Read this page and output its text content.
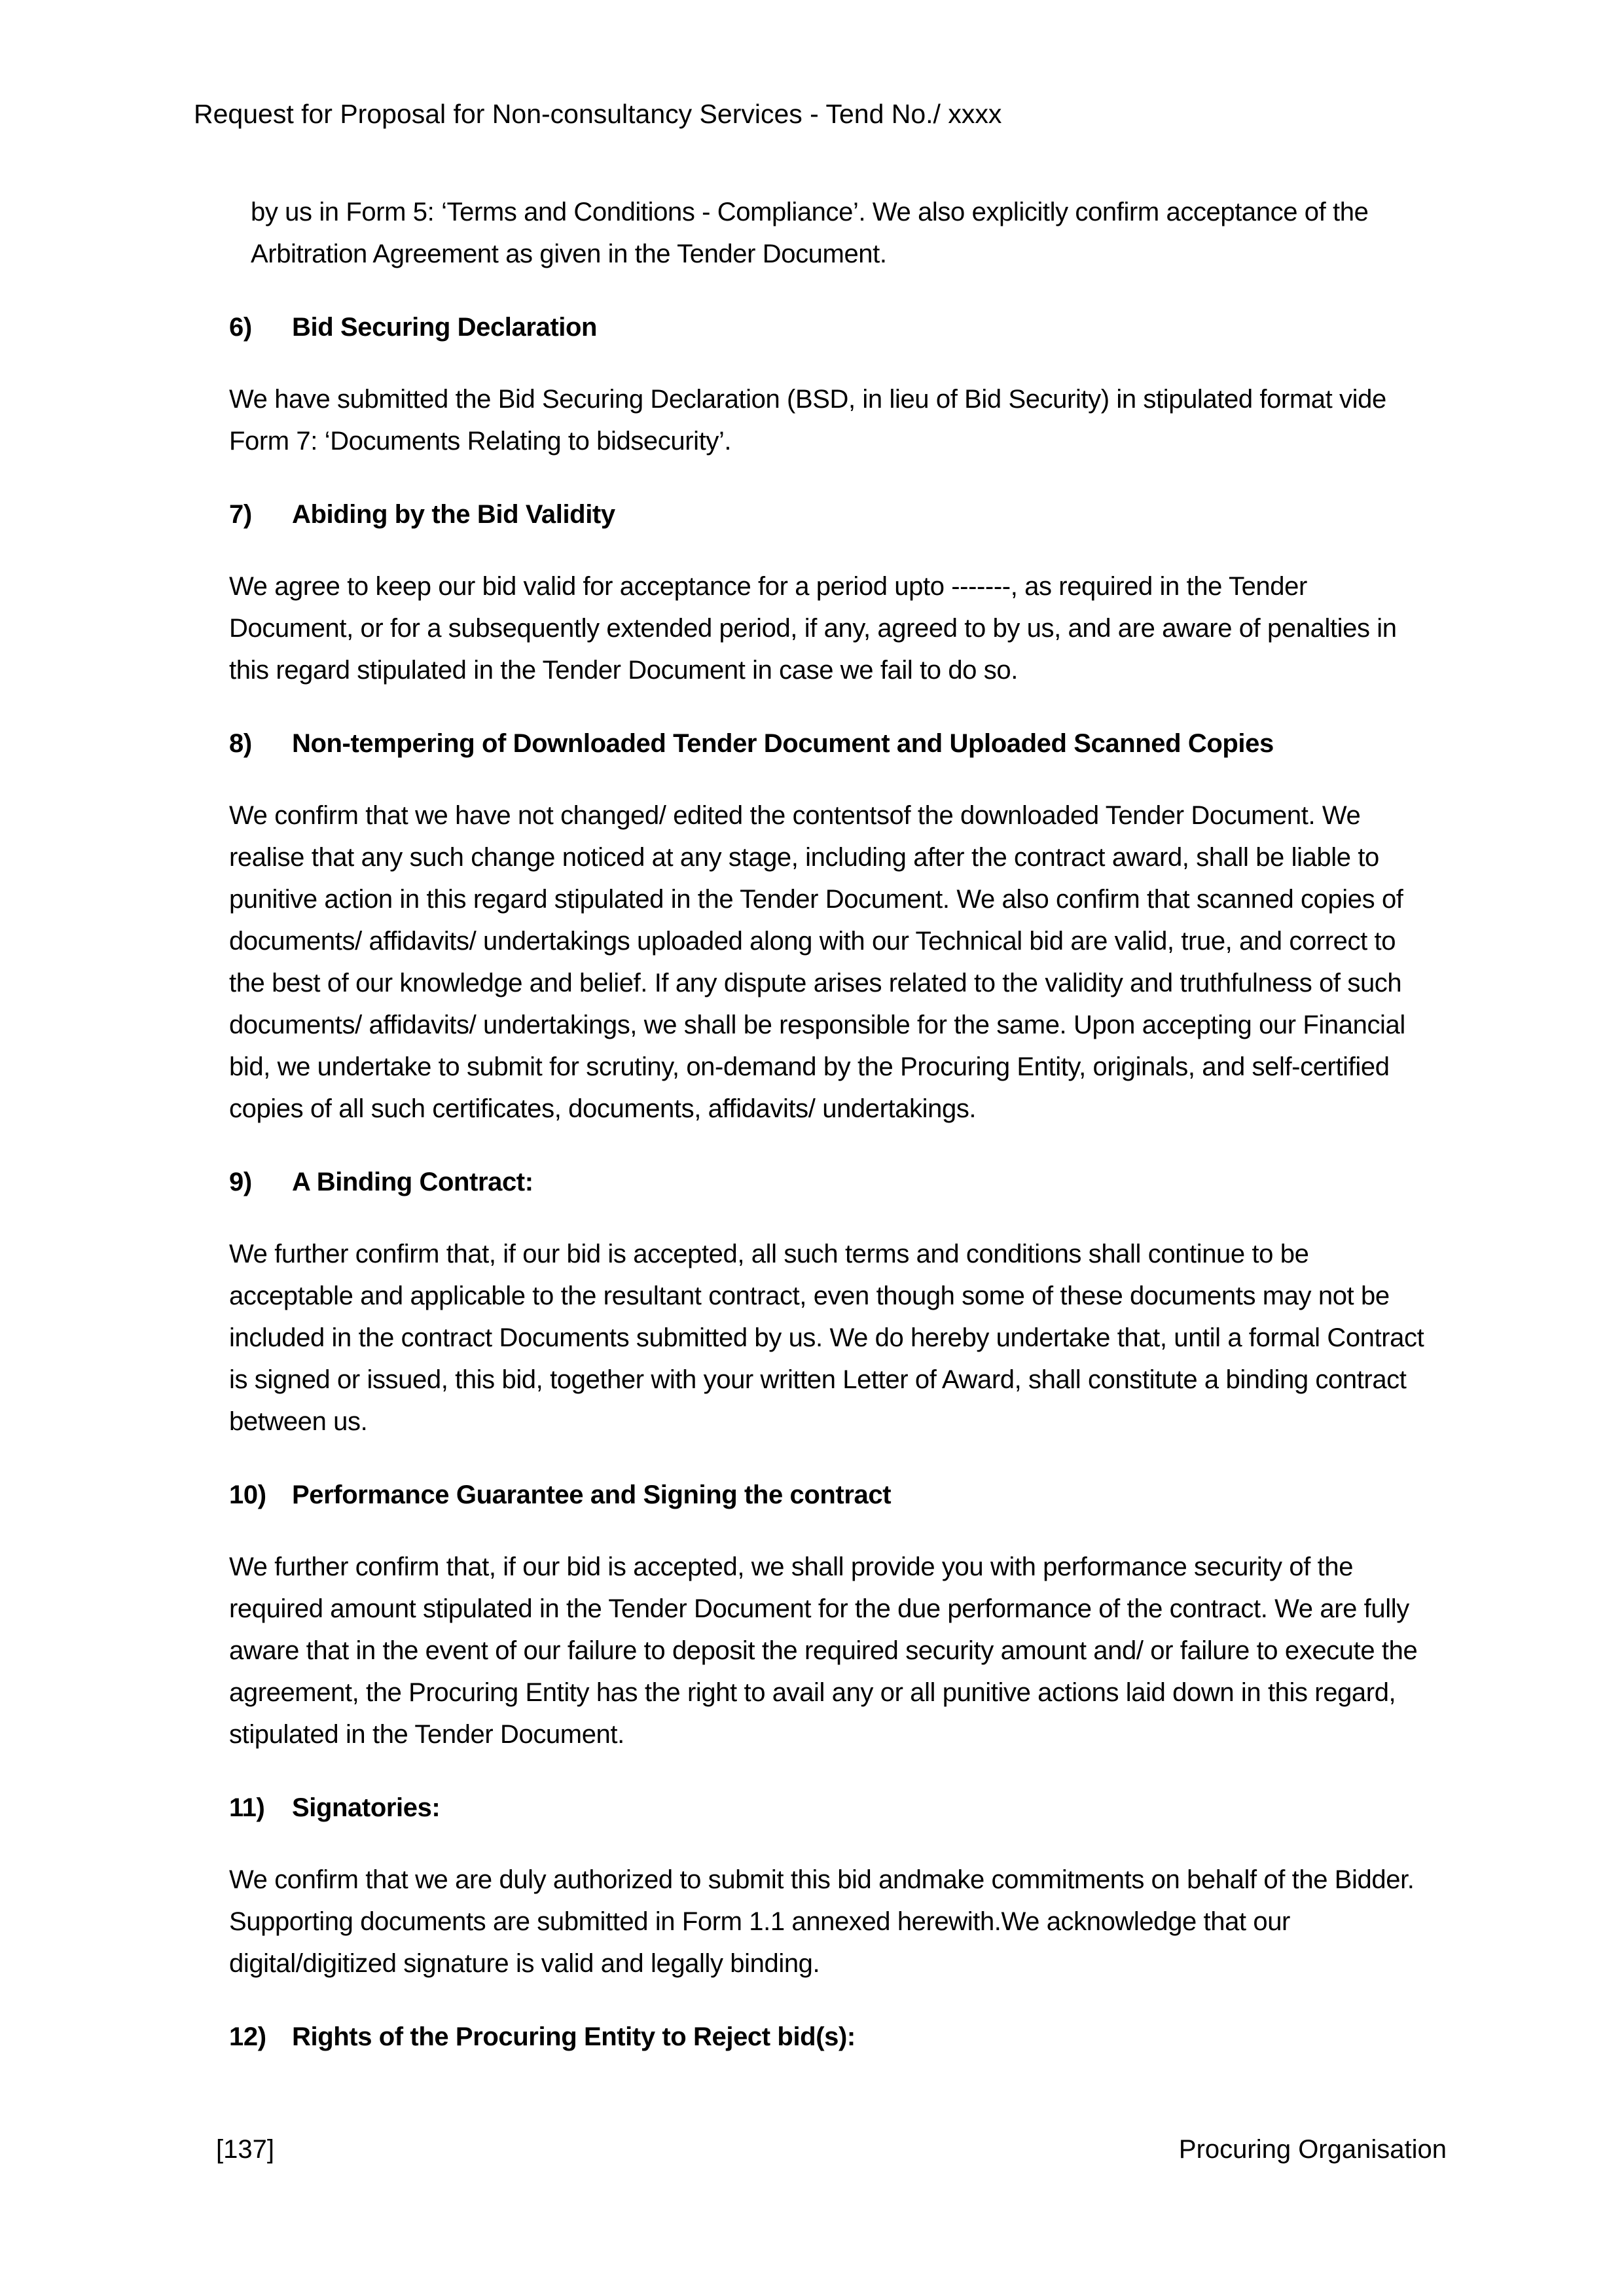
Request for Proposal for Non-consultancy Services - Tend No./ xxxx

by us in Form 5: ‘Terms and Conditions - Compliance’. We also explicitly confirm acceptance of the Arbitration Agreement as given in the Tender Document.

6)	Bid Securing Declaration

We have submitted the Bid Securing Declaration (BSD, in lieu of Bid Security) in stipulated format vide Form 7: ‘Documents Relating to bidsecurity’.

7)	Abiding by the Bid Validity

We agree to keep our bid valid for acceptance for a period upto -------, as required in the Tender Document, or for a subsequently extended period, if any, agreed to by us, and are aware of penalties in this regard stipulated in the Tender Document in case we fail to do so.

8)	Non-tempering of Downloaded Tender Document and Uploaded Scanned Copies

We confirm that we have not changed/ edited the contentsof the downloaded Tender Document. We realise that any such change noticed at any stage, including after the contract award, shall be liable to punitive action in this regard stipulated in the Tender Document. We also confirm that scanned copies of documents/ affidavits/ undertakings uploaded along with our Technical bid are valid, true, and correct to the best of our knowledge and belief. If any dispute arises related to the validity and truthfulness of such documents/ affidavits/ undertakings, we shall be responsible for the same. Upon accepting our Financial bid, we undertake to submit for scrutiny, on-demand by the Procuring Entity, originals, and self-certified copies of all such certificates, documents, affidavits/ undertakings.

9)	A Binding Contract:

We further confirm that, if our bid is accepted, all such terms and conditions shall continue to be acceptable and applicable to the resultant contract, even though some of these documents may not be included in the contract Documents submitted by us. We do hereby undertake that, until a formal Contract is signed or issued, this bid, together with your written Letter of Award, shall constitute a binding contract between us.

10) Performance Guarantee and Signing the contract

We further confirm that, if our bid is accepted, we shall provide you with performance security of the required amount stipulated in the Tender Document for the due performance of the contract. We are fully aware that in the event of our failure to deposit the required security amount and/ or failure to execute the agreement, the Procuring Entity has the right to avail any or all punitive actions laid down in this regard, stipulated in the Tender Document.

11)	Signatories:

We confirm that we are duly authorized to submit this bid andmake commitments on behalf of the Bidder. Supporting documents are submitted in Form 1.1 annexed herewith.We acknowledge that our digital/digitized signature is valid and legally binding.

12) Rights of the Procuring Entity to Reject bid(s):
[137]	Procuring Organisation
